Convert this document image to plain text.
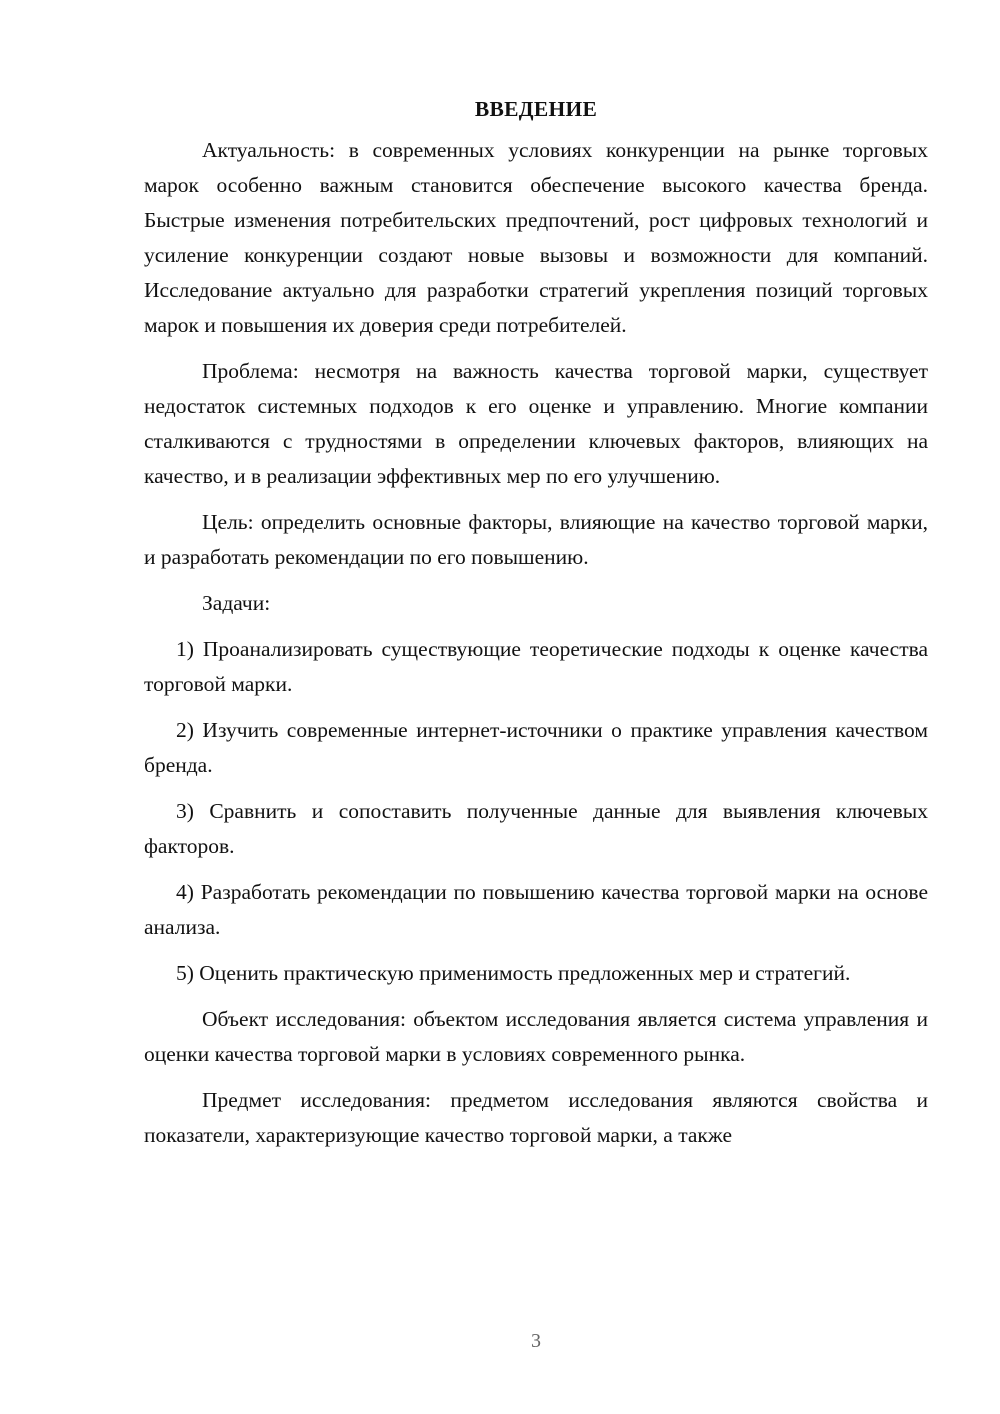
ВВЕДЕНИЕ

Актуальность: в современных условиях конкуренции на рынке торговых марок особенно важным становится обеспечение высокого качества бренда. Быстрые изменения потребительских предпочтений, рост цифровых технологий и усиление конкуренции создают новые вызовы и возможности для компаний. Исследование актуально для разработки стратегий укрепления позиций торговых марок и повышения их доверия среди потребителей.

Проблема: несмотря на важность качества торговой марки, существует недостаток системных подходов к его оценке и управлению. Многие компании сталкиваются с трудностями в определении ключевых факторов, влияющих на качество, и в реализации эффективных мер по его улучшению.

Цель: определить основные факторы, влияющие на качество торговой марки, и разработать рекомендации по его повышению.

Задачи:

1) Проанализировать существующие теоретические подходы к оценке качества торговой марки.

2) Изучить современные интернет-источники о практике управления качеством бренда.

3) Сравнить и сопоставить полученные данные для выявления ключевых факторов.

4) Разработать рекомендации по повышению качества торговой марки на основе анализа.

5) Оценить практическую применимость предложенных мер и стратегий.

Объект исследования: объектом исследования является система управления и оценки качества торговой марки в условиях современного рынка.

Предмет исследования: предметом исследования являются свойства и показатели, характеризующие качество торговой марки, а также

3
